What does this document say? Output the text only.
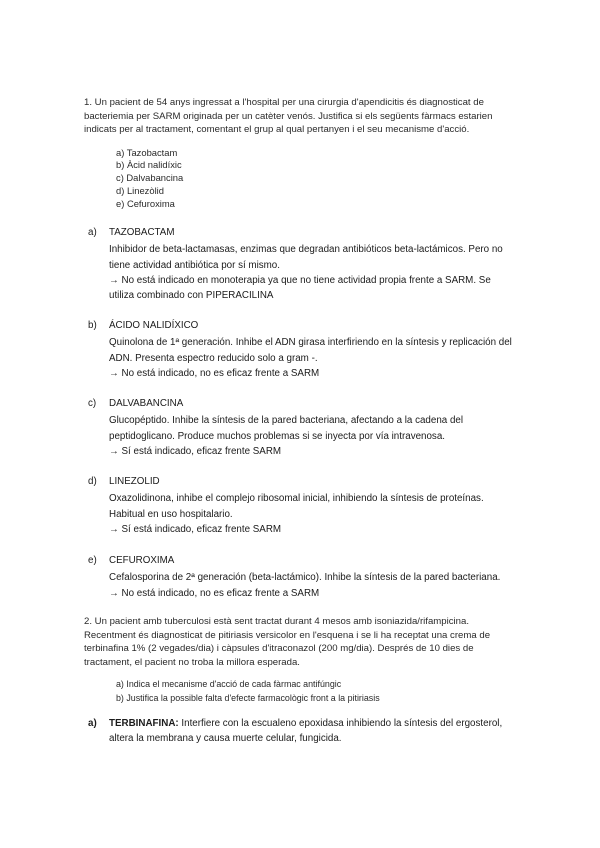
1. Un pacient de 54 anys ingressat a l'hospital per una cirurgia d'apendicitis és diagnosticat de

bacteriemia per SARM originada per un catèter venós. Justifica si els següents fàrmacs estarien

indicats per al tractament, comentant el grup al qual pertanyen i el seu mecanisme d'acció.

a) Tazobactam
b) Àcid nalidíxic
c) Dalvabancina
d) Linezòlid
e) Cefuroxima
a)	TAZOBACTAM
Inhibidor de beta-lactamasas, enzimas que degradan antibióticos beta-lactámicos. Pero no
tiene actividad antibiótica por sí mismo.
→ No está indicado en monoterapia ya que no tiene actividad propia frente a SARM. Se
utiliza combinado con PIPERACILINA
b)	ÁCIDO NALIDÍXICO
Quinolona de 1ª generación. Inhibe el ADN girasa interfiriendo en la síntesis y replicación del
ADN. Presenta espectro reducido solo a gram -.
→ No está indicado, no es eficaz frente a SARM
c)	DALVABANCINA
Glucopéptido. Inhibe la síntesis de la pared bacteriana, afectando a la cadena del
peptidoglicano. Produce muchos problemas si se inyecta por vía intravenosa.
→ Sí está indicado, eficaz frente SARM
d)	LINEZOLID
Oxazolidinona, inhibe el complejo ribosomal inicial, inhibiendo la síntesis de proteínas.
Habitual en uso hospitalario.
→ Sí está indicado, eficaz frente SARM
e)	CEFUROXIMA
Cefalosporina de 2ª generación (beta-lactámico). Inhibe la síntesis de la pared bacteriana.
→ No está indicado, no es eficaz frente a SARM

2. Un pacient amb tuberculosi està sent tractat durant 4 mesos amb isoniazida/rifampicina.

Recentment és diagnosticat de pitiriasis versicolor en l'esquena i se li ha receptat una crema de

terbinafina 1% (2 vegades/dia) i càpsules d'itraconazol (200 mg/dia). Després de 10 dies de

tractament, el pacient no troba la millora esperada.

a) Indica el mecanisme d'acció de cada fàrmac antifúngic
b) Justifica la possible falta d'efecte farmacològic front a la pitiriasis
a)	TERBINAFINA: Interfiere con la escualeno epoxidasa inhibiendo la síntesis del ergosterol,
altera la membrana y causa muerte celular, fungicida.
